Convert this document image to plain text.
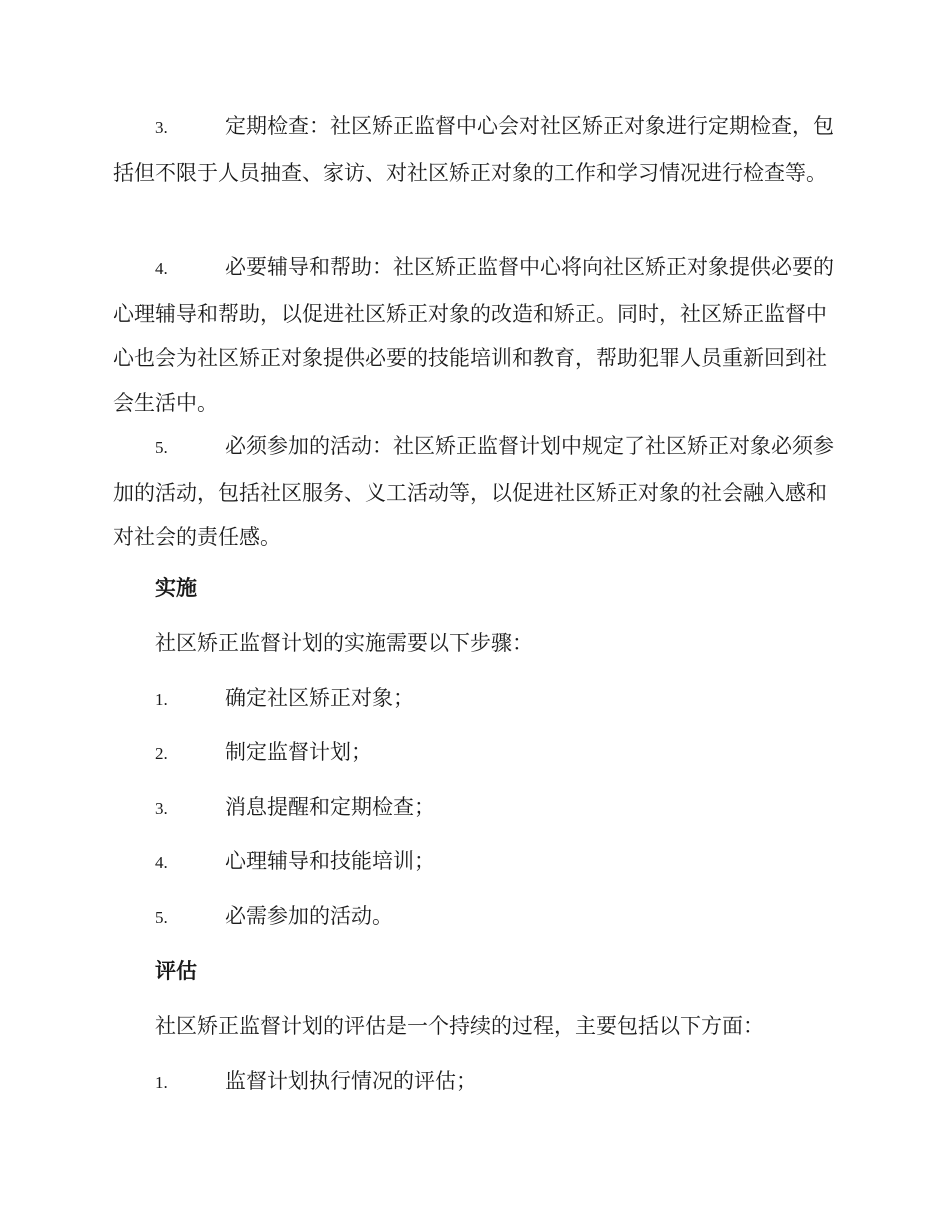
3.	定期检查：社区矫正监督中心会对社区矫正对象进行定期检查，包括但不限于人员抽查、家访、对社区矫正对象的工作和学习情况进行检查等。

4.	必要辅导和帮助：社区矫正监督中心将向社区矫正对象提供必要的心理辅导和帮助，以促进社区矫正对象的改造和矫正。同时，社区矫正监督中心也会为社区矫正对象提供必要的技能培训和教育，帮助犯罪人员重新回到社会生活中。

5.	必须参加的活动：社区矫正监督计划中规定了社区矫正对象必须参加的活动，包括社区服务、义工活动等，以促进社区矫正对象的社会融入感和对社会的责任感。

实施

社区矫正监督计划的实施需要以下步骤：

1.	确定社区矫正对象；

2.	制定监督计划；

3.	消息提醒和定期检查；

4.	心理辅导和技能培训；

5.	必需参加的活动。

评估

社区矫正监督计划的评估是一个持续的过程，主要包括以下方面：

1.	监督计划执行情况的评估；
